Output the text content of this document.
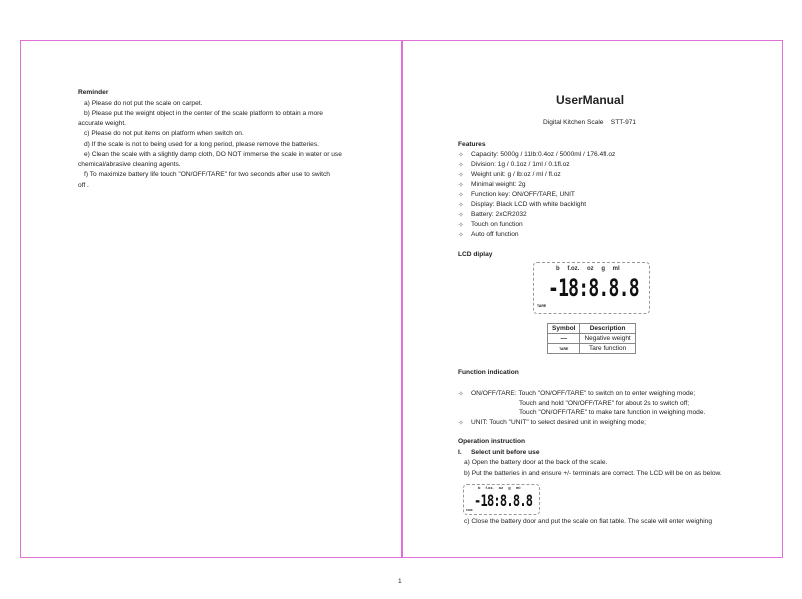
Reminder
a) Please do not put the scale on carpet.
b) Please put the weight object in the center of the scale platform to obtain a more
accurate weight.
c) Please do not put items on platform when switch on.
d) If the scale is not to being used for a long period, please remove the batteries.
e) Clean the scale with a slightly damp cloth, DO NOT immerse the scale in water or use
chemical/abrasive cleaning agents.
f) To maximize battery life touch "ON/OFF/TARE" for two seconds after use to switch
off .
UserManual
Digital Kitchen Scale    STT-971
Features
✧ Capacity: 5000g / 11lb:0.4oz / 5000ml / 176.4fl.oz
✧ Division: 1g / 0.1oz / 1ml / 0.1fl.oz
✧ Weight unit: g / lb:oz / ml / fl.oz
✧ Minimal weight: 2g
✧ Function key: ON/OFF/TARE, UNIT
✧ Display: Black LCD with white backlight
✧ Battery: 2xCR2032
✧ Touch on function
✧ Auto off function
LCD diplay
b f.oz. oz g ml
-18:8.8.8
TARE
Symbol	Description
—	Negative weight
TARE	Tare function
Function indication
✧ ON/OFF/TARE: Touch "ON/OFF/TARE" to switch on to enter weighing mode;
Touch and hold "ON/OFF/TARE" for about 2s to switch off;
Touch "ON/OFF/TARE" to make tare function in weighing mode.
✧ UNIT: Touch "UNIT" to select desired unit in weighing mode;
Operation instruction
I. Select unit before use
a) Open the battery door at the back of the scale.
b) Put the batteries in and ensure +/- terminals are correct. The LCD will be on as below.
b f.oz. oz g ml
-18:8.8.8
TARE
c) Close the battery door and put the scale on flat table. The scale will enter weighing
1
